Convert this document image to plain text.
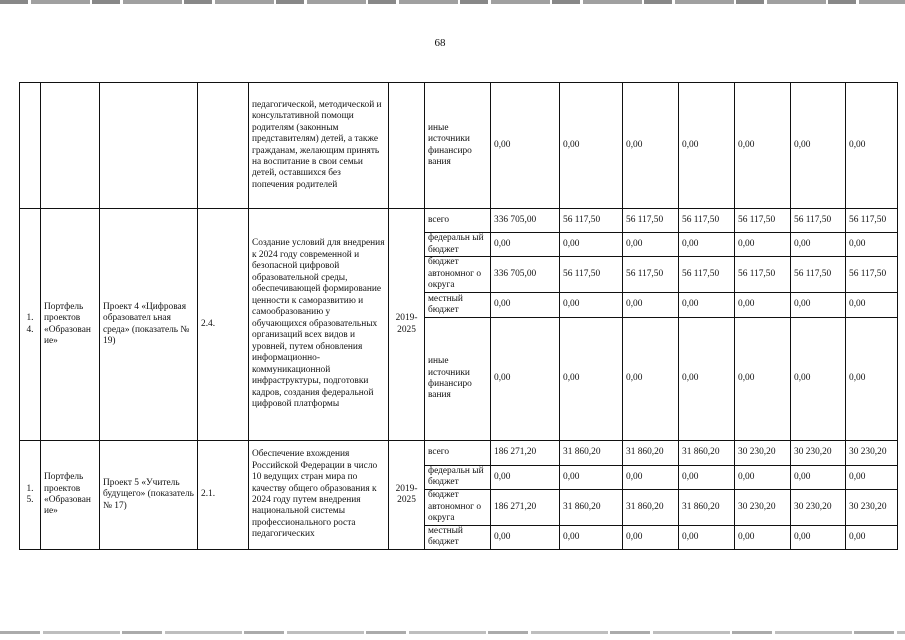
68
				педагогической, методической и консультативной помощи родителям (законным представителям) детей, а также гражданам, желающим принять на воспитание в свои семьи детей, оставшихся без попечения родителей		иные источники финансиро вания	0,00	0,00	0,00	0,00	0,00	0,00	0,00
1. 4.	Портфель проектов «Образован ие»	Проект 4 «Цифровая образовател ьная среда» (показатель № 19)	2.4.	Создание условий для внедрения к 2024 году современной и безопасной цифровой образовательной среды, обеспечивающей формирование ценности к саморазвитию и самообразованию у обучающихся образовательных организаций всех видов и уровней, путем обновления информационно-коммуникационной инфраструктуры, подготовки кадров, создания федеральной цифровой платформы	2019- 2025	всего	336 705,00	56 117,50	56 117,50	56 117,50	56 117,50	56 117,50	56 117,50
						федеральн ый бюджет	0,00	0,00	0,00	0,00	0,00	0,00	0,00
						бюджет автономног о округа	336 705,00	56 117,50	56 117,50	56 117,50	56 117,50	56 117,50	56 117,50
						местный бюджет	0,00	0,00	0,00	0,00	0,00	0,00	0,00
						иные источники финансиро вания	0,00	0,00	0,00	0,00	0,00	0,00	0,00
1. 5.	Портфель проектов «Образован ие»	Проект 5 «Учитель будущего» (показатель № 17)	2.1.	Обеспечение вхождения Российской Федерации в число 10 ведущих стран мира по качеству общего образования к 2024 году путем внедрения национальной системы профессионального роста педагогических	2019- 2025	всего	186 271,20	31 860,20	31 860,20	31 860,20	30 230,20	30 230,20	30 230,20
						федеральн ый бюджет	0,00	0,00	0,00	0,00	0,00	0,00	0,00
						бюджет автономног о округа	186 271,20	31 860,20	31 860,20	31 860,20	30 230,20	30 230,20	30 230,20
						местный бюджет	0,00	0,00	0,00	0,00	0,00	0,00	0,00
